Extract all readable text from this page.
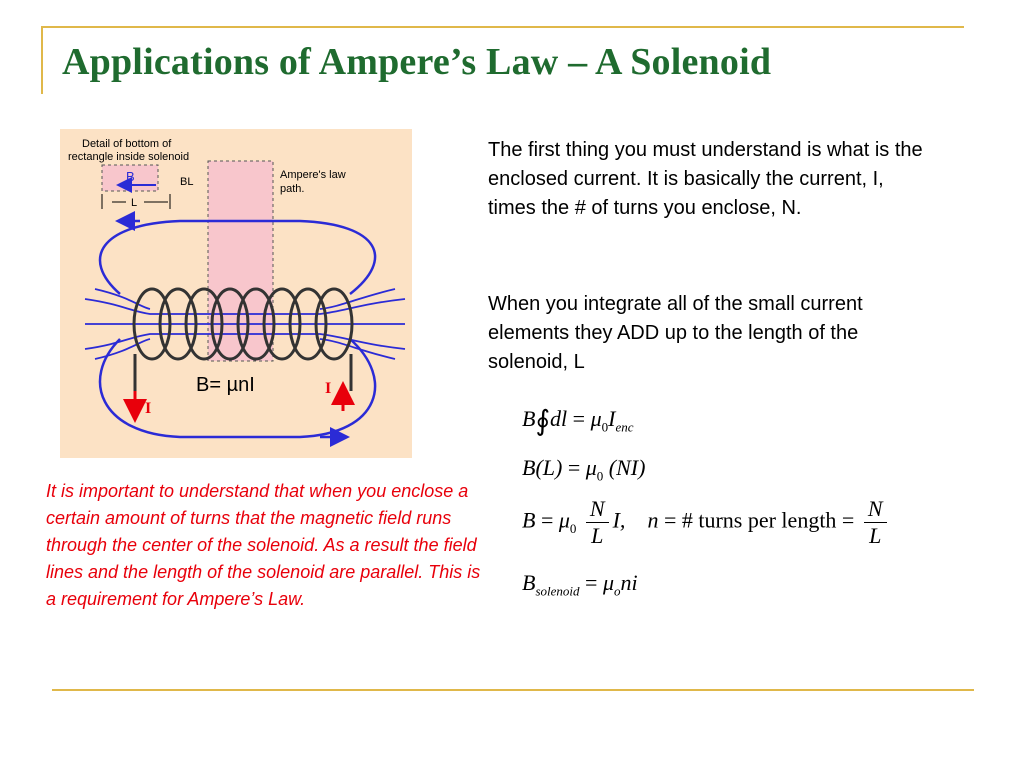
Applications of Ampere’s Law – A Solenoid
Detail of bottom of
rectangle inside solenoid
B	BL
L
Ampere's law
path.
I
I
B= µnI
The first thing you must understand is what is the enclosed current. It is basically the current, I, times the # of turns you enclose, N.
When you integrate all of the small current elements they ADD up to the length of the solenoid, L
It is important to understand that when you enclose a certain amount of turns that the magnetic field runs through the center of the solenoid. As a result the field lines and the length of the solenoid are parallel. This is a requirement for Ampere’s Law.
B∮dl = $\mu_0I_{enc}$
$B(L) = \mu_0$ (NI)
$B = \mu_0 \frac{N}{L} I$, n = # turns per length = $\frac{N}{L}$
$B_{solenoid} = \mu_oni$
